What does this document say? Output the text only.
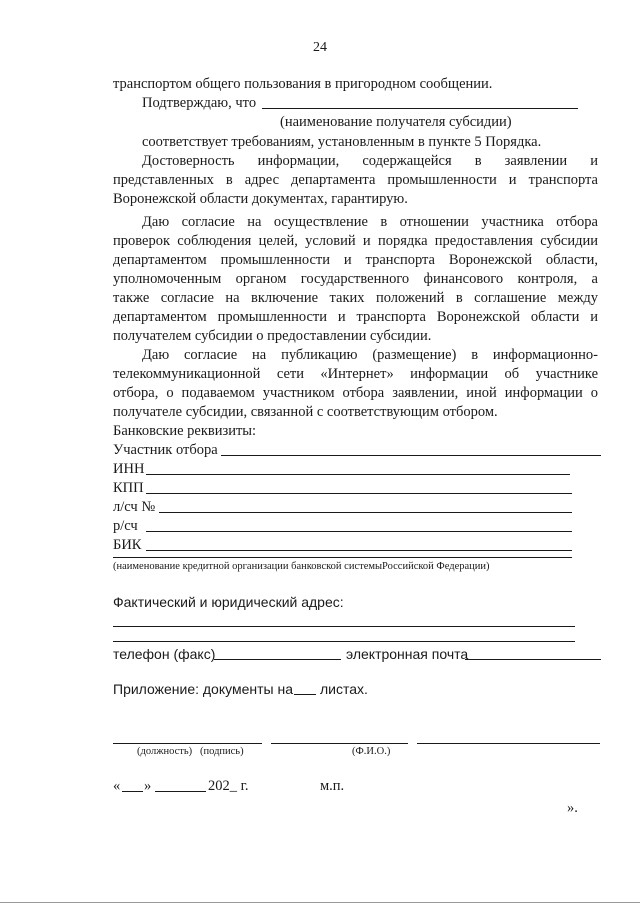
24
транспортом общего пользования в пригородном сообщении.
Подтверждаю, что
(наименование получателя субсидии)
соответствует требованиям, установленным в пункте 5 Порядка.
Достоверность информации, содержащейся в заявлении и
представленных в адрес департамента промышленности и транспорта
Воронежской области документах, гарантирую.
Даю согласие на осуществление в отношении участника отбора
проверок соблюдения целей, условий и порядка предоставления субсидии
департаментом промышленности и транспорта Воронежской области,
уполномоченным органом государственного финансового контроля, а
также согласие на включение таких положений в соглашение между
департаментом промышленности и транспорта Воронежской области и
получателем субсидии о предоставлении субсидии.
Даю согласие на публикацию (размещение) в информационно-
телекоммуникационной сети «Интернет» информации об участнике
отбора, о подаваемом участником отбора заявлении, иной информации о
получателе субсидии, связанной с соответствующим отбором.
Банковские реквизиты:
Участник отбора
ИНН
КПП
л/сч №
р/сч
БИК
(наименование кредитной организации банковской системыРоссийской Федерации)
Фактический и юридический адрес:
телефон (факс)	электронная почта
Приложение: документы на листах.
(должность) (подпись)	(Ф.И.О.)
« »	202_ г.	м.п.
».
